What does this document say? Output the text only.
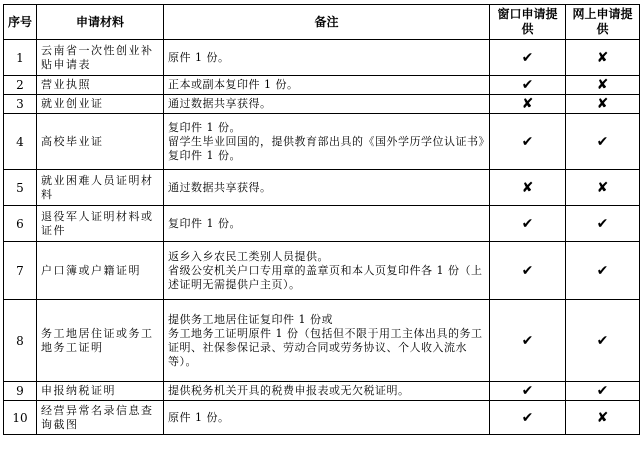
序号	申请材料	备注	窗口申请提供	网上申请提供
1	云南省一次性创业补贴申请表	原件 1 份。	✔	✘
2	营业执照	正本或副本复印件 1 份。	✔	✘
3	就业创业证	通过数据共享获得。	✘	✘
4	高校毕业证	复印件 1 份。
留学生毕业回国的，提供教育部出具的《国外学历学位认证书》复印件 1 份。	✔	✔
5	就业困难人员证明材料	通过数据共享获得。	✘	✘
6	退役军人证明材料或证件	复印件 1 份。	✔	✔
7	户口簿或户籍证明	返乡入乡农民工类别人员提供。
省级公安机关户口专用章的盖章页和本人页复印件各 1 份（上述证明无需提供户主页）。	✔	✔
8	务工地居住证或务工地务工证明	提供务工地居住证复印件 1 份或
务工地务工证明原件 1 份（包括但不限于用工主体出具的务工证明、社保参保记录、劳动合同或劳务协议、个人收入流水等）。	✔	✔
9	申报纳税证明	提供税务机关开具的税费申报表或无欠税证明。	✔	✔
10	经营异常名录信息查询截图	原件 1 份。	✔	✘
